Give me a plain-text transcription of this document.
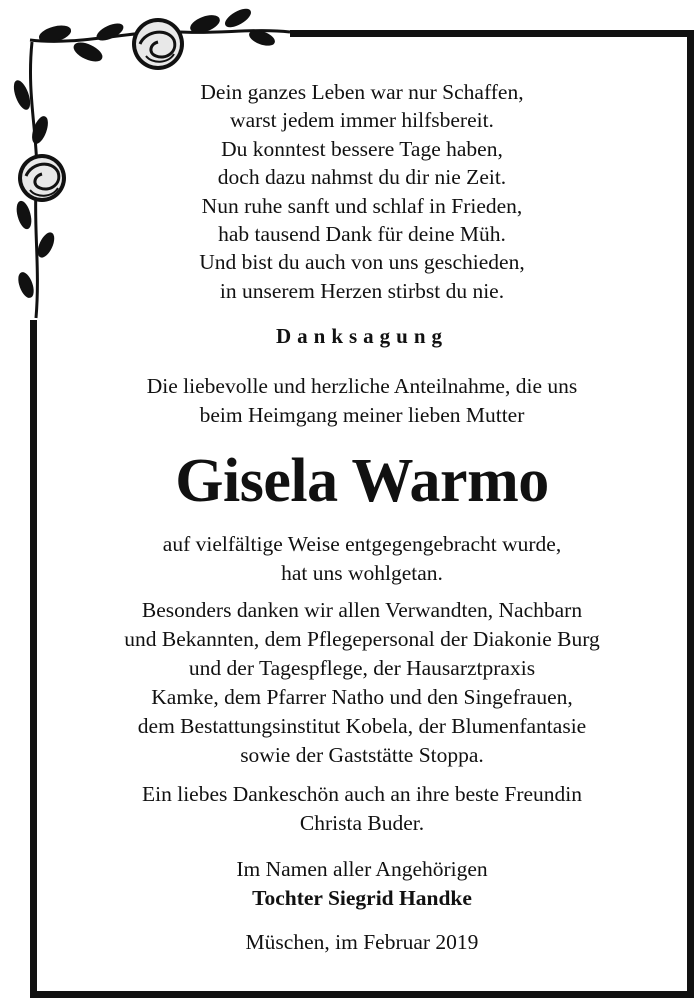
Dein ganzes Leben war nur Schaffen,
warst jedem immer hilfsbereit.
Du konntest bessere Tage haben,
doch dazu nahmst du dir nie Zeit.
Nun ruhe sanft und schlaf in Frieden,
hab tausend Dank für deine Müh.
Und bist du auch von uns geschieden,
in unserem Herzen stirbst du nie.
Danksagung
Die liebevolle und herzliche Anteilnahme, die uns
beim Heimgang meiner lieben Mutter
Gisela Warmo
auf vielfältige Weise entgegengebracht wurde,
hat uns wohlgetan.
Besonders danken wir allen Verwandten, Nachbarn
und Bekannten, dem Pflegepersonal der Diakonie Burg
und der Tagespflege, der Hausarztpraxis
Kamke, dem Pfarrer Natho und den Singefrauen,
dem Bestattungsinstitut Kobela, der Blumenfantasie
sowie der Gaststätte Stoppa.
Ein liebes Dankeschön auch an ihre beste Freundin
Christa Buder.
Im Namen aller Angehörigen
Tochter Siegrid Handke
Müschen, im Februar 2019
